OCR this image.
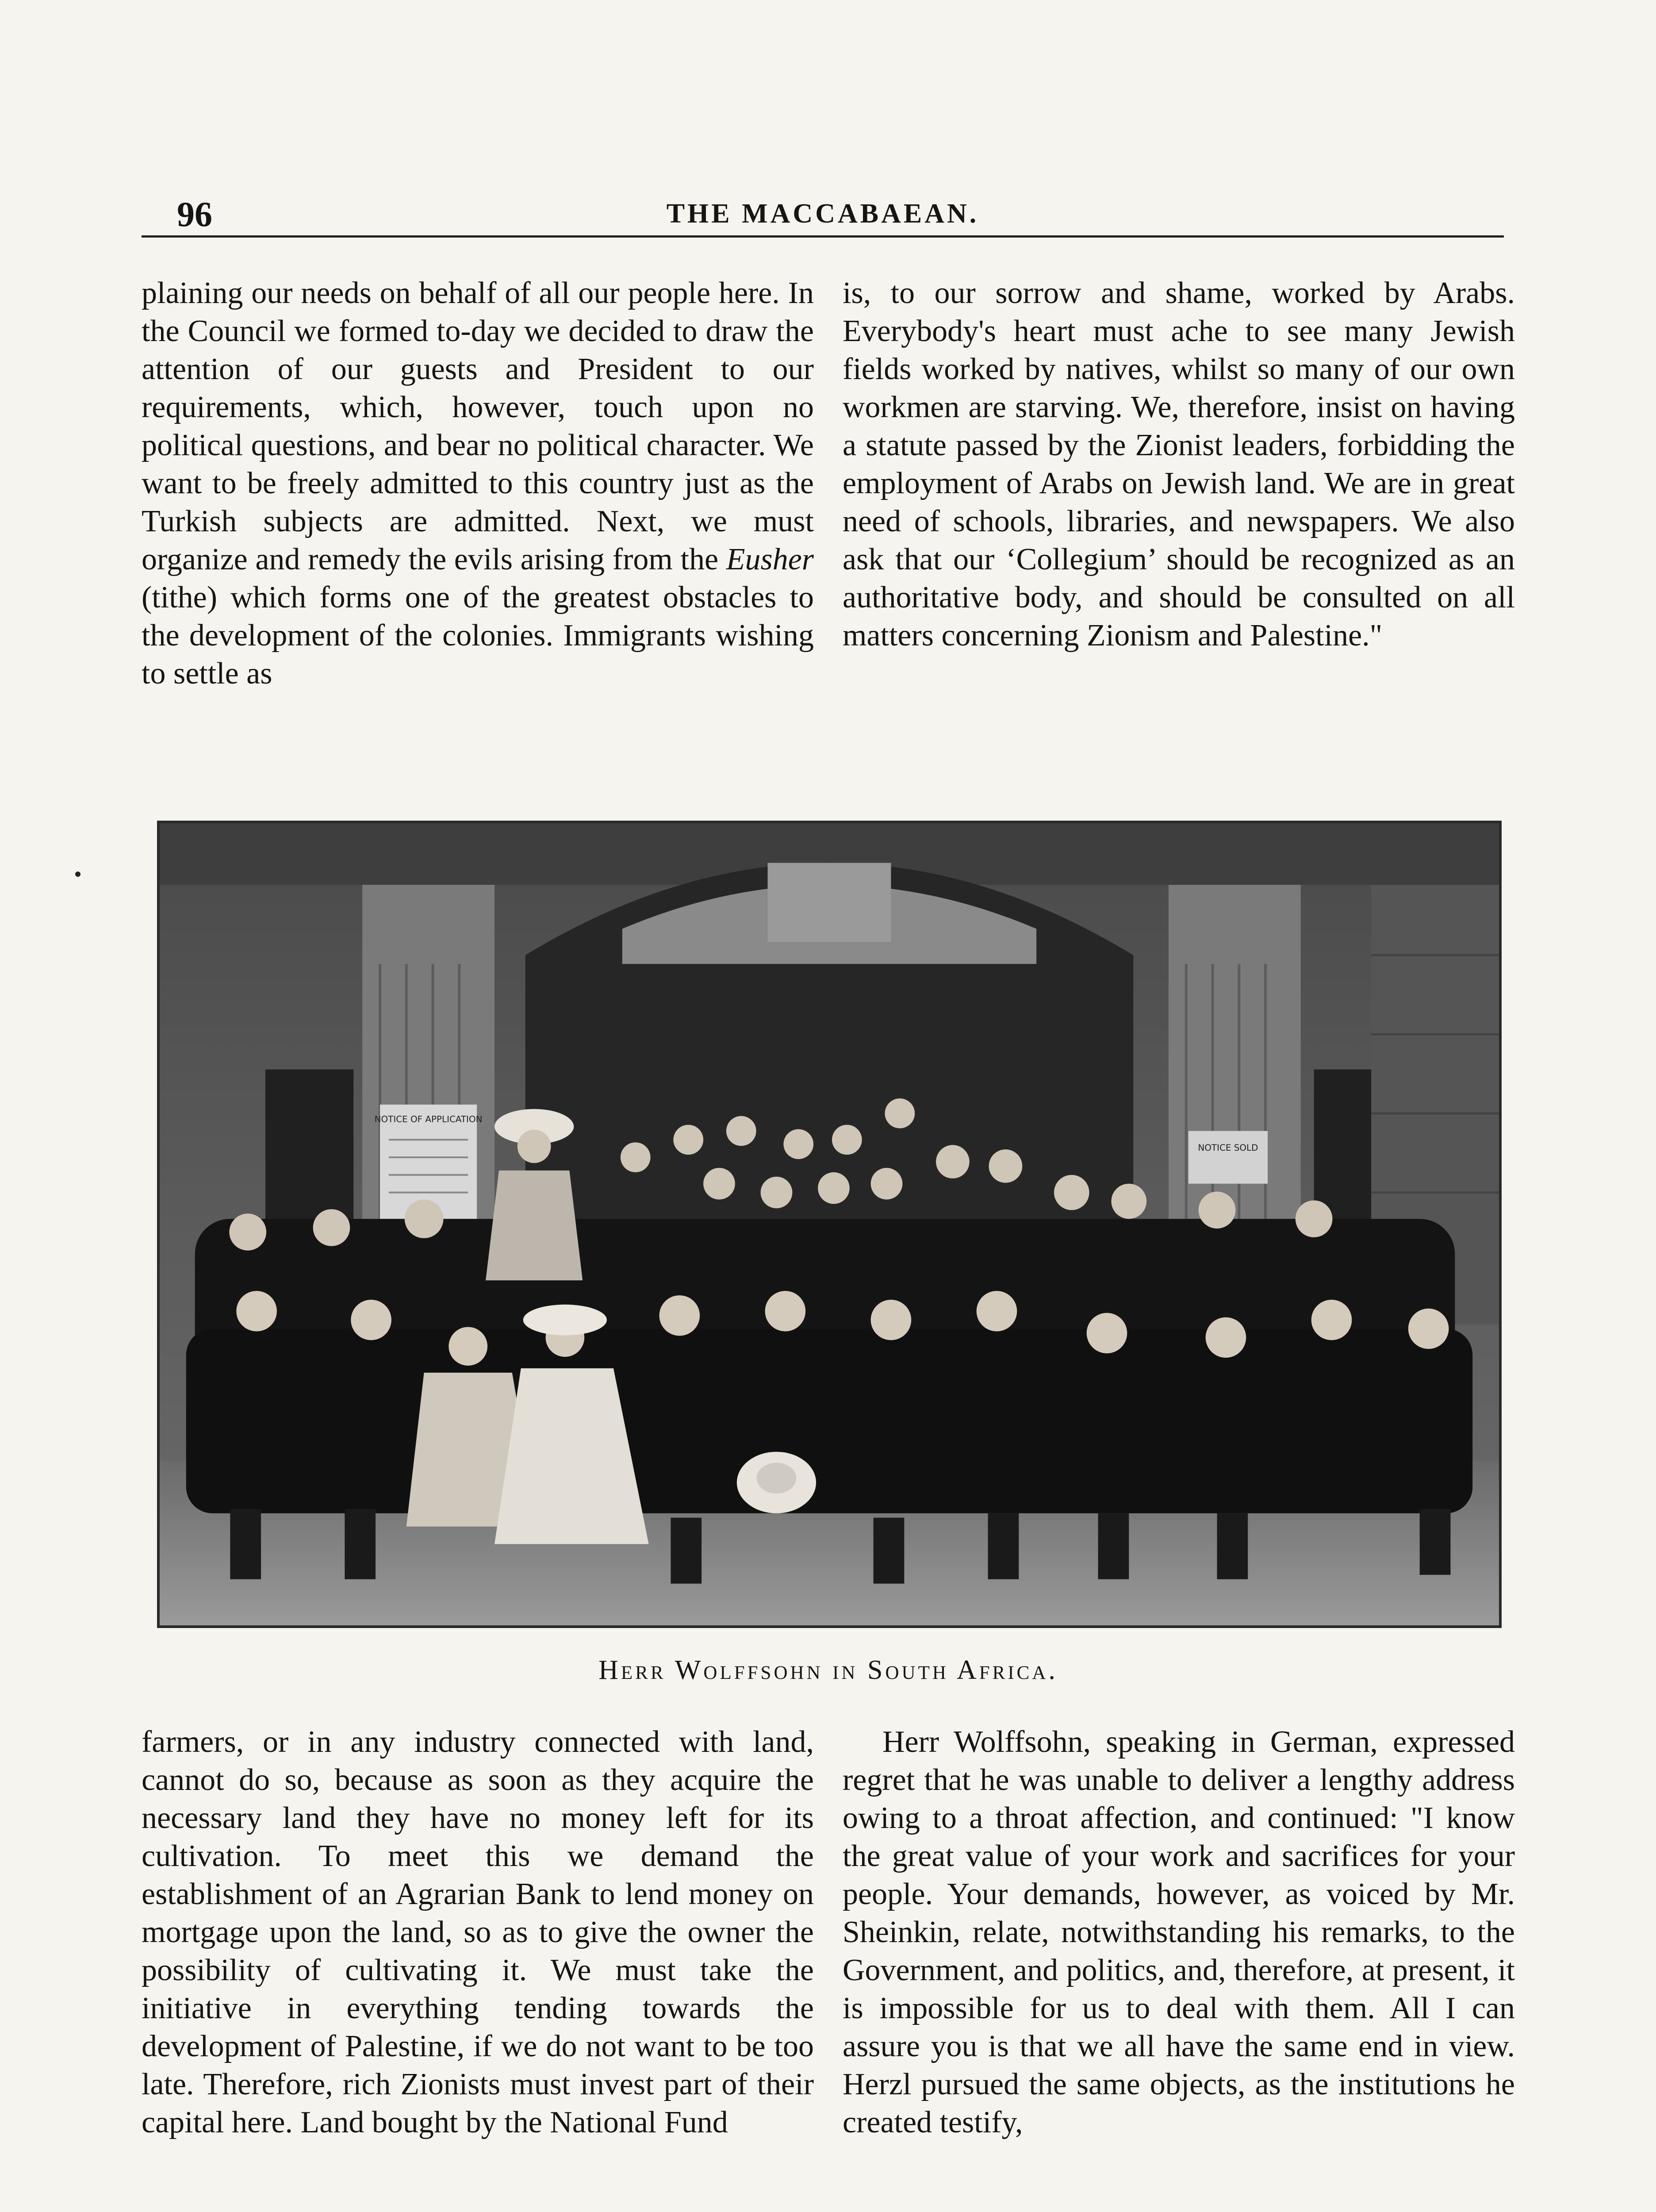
96	THE MACCABAEAN.

plaining our needs on behalf of all our people here. In the Council we formed to-day we decided to draw the attention of our guests and President to our requirements, which, however, touch upon no political questions, and bear no political character. We want to be freely admitted to this country just as the Turkish subjects are admitted. Next, we must organize and remedy the evils arising from the Eusher (tithe) which forms one of the greatest obstacles to the development of the colonies. Immigrants wishing to settle as

is, to our sorrow and shame, worked by Arabs. Everybody's heart must ache to see many Jewish fields worked by natives, whilst so many of our own workmen are starving. We, therefore, insist on having a statute passed by the Zionist leaders, forbidding the employment of Arabs on Jewish land. We are in great need of schools, libraries, and newspapers. We also ask that our ‘Collegium’ should be recognized as an authoritative body, and should be consulted on all matters concerning Zionism and Palestine."

NOTICE OF APPLICATION
NOTICE SOLD
Herr Wolffsohn in South Africa.

farmers, or in any industry connected with land, cannot do so, because as soon as they acquire the necessary land they have no money left for its cultivation. To meet this we demand the establishment of an Agrarian Bank to lend money on mortgage upon the land, so as to give the owner the possibility of cultivating it. We must take the initiative in everything tending towards the development of Palestine, if we do not want to be too late. Therefore, rich Zionists must invest part of their capital here. Land bought by the National Fund

Herr Wolffsohn, speaking in German, expressed regret that he was unable to deliver a lengthy address owing to a throat affection, and continued: "I know the great value of your work and sacrifices for your people. Your demands, however, as voiced by Mr. Sheinkin, relate, notwithstanding his remarks, to the Government, and politics, and, therefore, at present, it is impossible for us to deal with them. All I can assure you is that we all have the same end in view. Herzl pursued the same objects, as the institutions he created testify,
